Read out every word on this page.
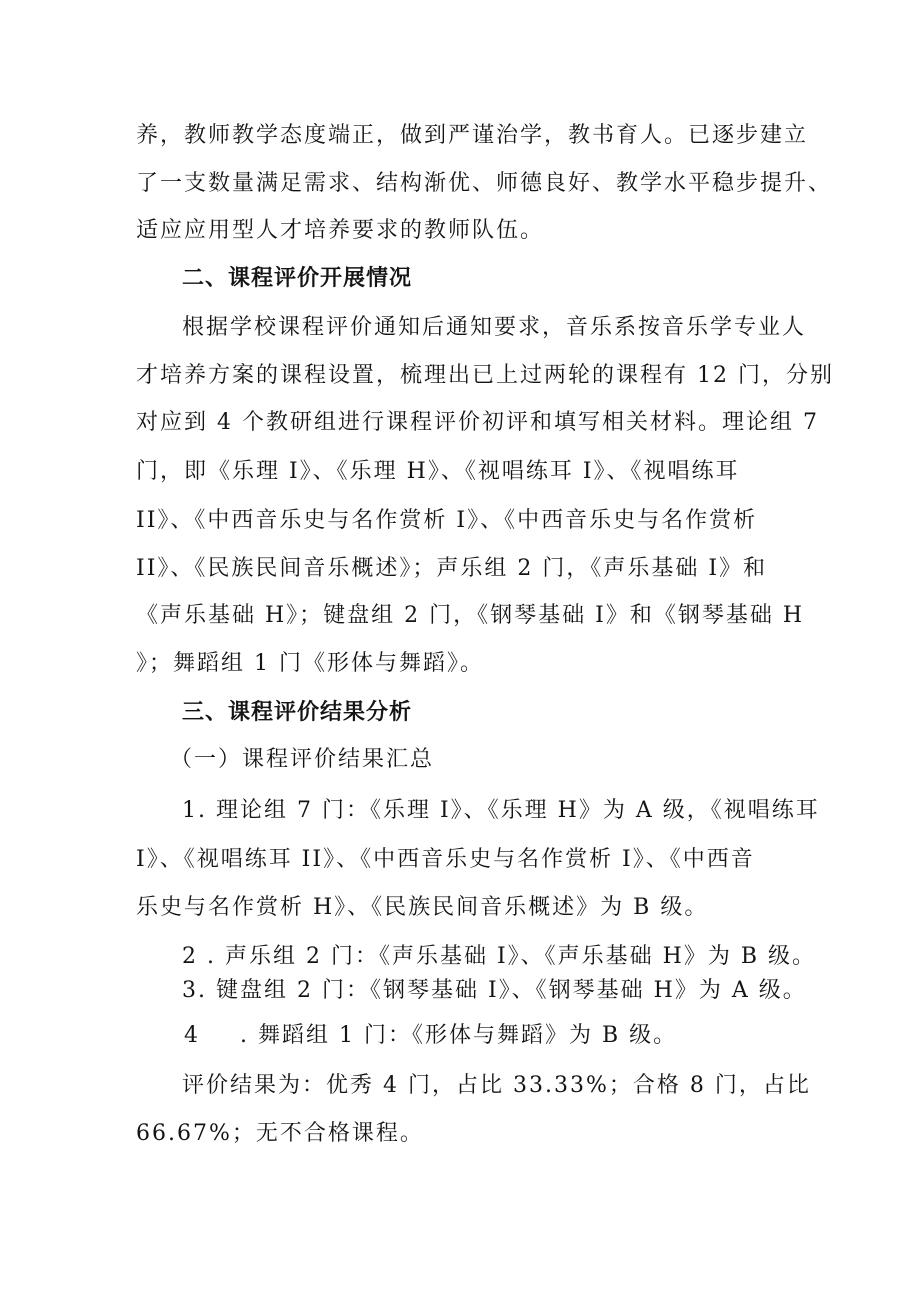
养，教师教学态度端正，做到严谨治学，教书育人。已逐步建立
了一支数量满足需求、结构渐优、师德良好、教学水平稳步提升、
适应应用型人才培养要求的教师队伍。
二、课程评价开展情况
根据学校课程评价通知后通知要求，音乐系按音乐学专业人
才培养方案的课程设置，梳理出已上过两轮的课程有 12 门，分别
对应到 4 个教研组进行课程评价初评和填写相关材料。理论组 7
门，即《乐理 I》、《乐理 H》、《视唱练耳 I》、《视唱练耳
II》、《中西音乐史与名作赏析 I》、《中西音乐史与名作赏析
II》、《民族民间音乐概述》；声乐组 2 门，《声乐基础 I》和
《声乐基础 H》；键盘组 2 门，《钢琴基础 I》和《钢琴基础 H
》；舞蹈组 1 门《形体与舞蹈》。
三、课程评价结果分析
（一）课程评价结果汇总
1. 理论组 7 门：《乐理 I》、《乐理 H》为 A 级，《视唱练耳
I》、《视唱练耳 II》、《中西音乐史与名作赏析 I》、《中西音
乐史与名作赏析 H》、《民族民间音乐概述》为 B 级。
2 . 声乐组 2 门：《声乐基础 I》、《声乐基础 H》为 B 级。
3. 键盘组 2 门：《钢琴基础 I》、《钢琴基础 H》为 A 级。
4 . 舞蹈组 1 门：《形体与舞蹈》为 B 级。
评价结果为：优秀 4 门，占比 33.33%；合格 8 门，占比
66.67%；无不合格课程。
